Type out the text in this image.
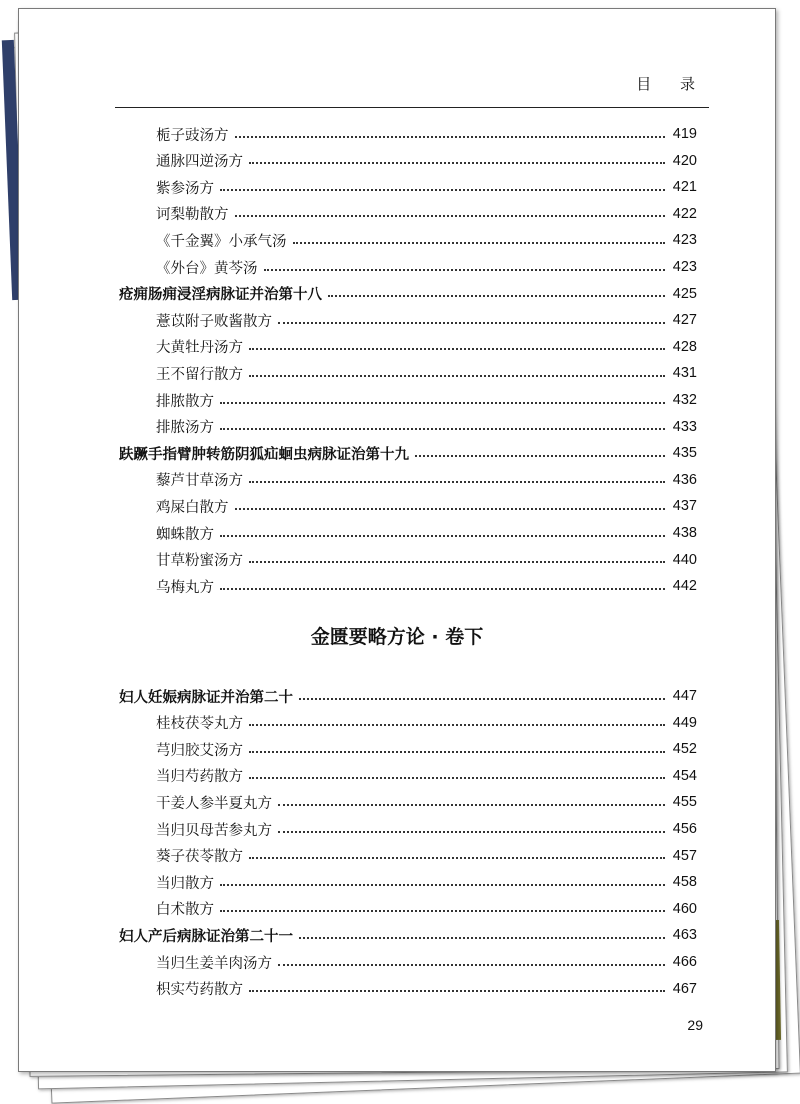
目 录
栀子豉汤方	419
通脉四逆汤方	420
紫参汤方	421
诃梨勒散方	422
《千金翼》小承气汤	423
《外台》黄芩汤	423
疮痈肠痈浸淫病脉证并治第十八	425
薏苡附子败酱散方	427
大黄牡丹汤方	428
王不留行散方	431
排脓散方	432
排脓汤方	433
趺蹶手指臂肿转筋阴狐疝蛔虫病脉证治第十九	435
藜芦甘草汤方	436
鸡屎白散方	437
蜘蛛散方	438
甘草粉蜜汤方	440
乌梅丸方	442
妇人妊娠病脉证并治第二十	447
桂枝茯苓丸方	449
芎归胶艾汤方	452
当归芍药散方	454
干姜人参半夏丸方	455
当归贝母苦参丸方	456
葵子茯苓散方	457
当归散方	458
白术散方	460
妇人产后病脉证治第二十一	463
当归生姜羊肉汤方	466
枳实芍药散方	467
金匮要略方论 · 卷下
29
